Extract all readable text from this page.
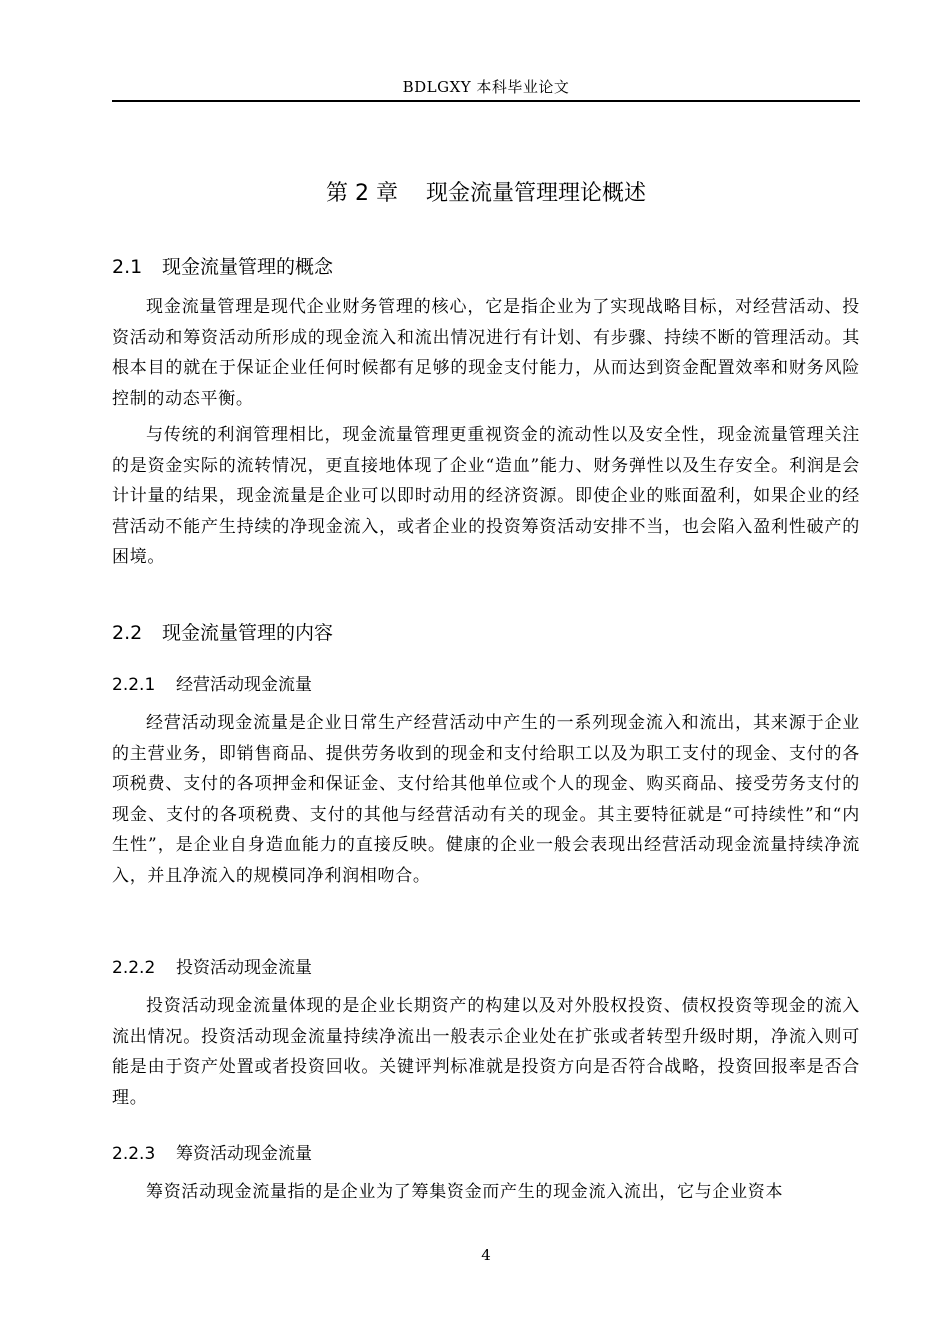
BDLGXY 本科毕业论文
第 2 章    现金流量管理理论概述
2.1 现金流量管理的概念

现金流量管理是现代企业财务管理的核心，它是指企业为了实现战略目标，对经营活动、投资活动和筹资活动所形成的现金流入和流出情况进行有计划、有步骤、持续不断的管理活动。其根本目的就在于保证企业任何时候都有足够的现金支付能力，从而达到资金配置效率和财务风险控制的动态平衡。

与传统的利润管理相比，现金流量管理更重视资金的流动性以及安全性，现金流量管理关注的是资金实际的流转情况，更直接地体现了企业“造血”能力、财务弹性以及生存安全。利润是会计计量的结果，现金流量是企业可以即时动用的经济资源。即使企业的账面盈利，如果企业的经营活动不能产生持续的净现金流入，或者企业的投资筹资活动安排不当，也会陷入盈利性破产的困境。

2.2 现金流量管理的内容
2.2.1 经营活动现金流量

经营活动现金流量是企业日常生产经营活动中产生的一系列现金流入和流出，其来源于企业的主营业务，即销售商品、提供劳务收到的现金和支付给职工以及为职工支付的现金、支付的各项税费、支付的各项押金和保证金、支付给其他单位或个人的现金、购买商品、接受劳务支付的现金、支付的各项税费、支付的其他与经营活动有关的现金。其主要特征就是“可持续性”和“内生性”，是企业自身造血能力的直接反映。健康的企业一般会表现出经营活动现金流量持续净流入，并且净流入的规模同净利润相吻合。

2.2.2 投资活动现金流量

投资活动现金流量体现的是企业长期资产的构建以及对外股权投资、债权投资等现金的流入流出情况。投资活动现金流量持续净流出一般表示企业处在扩张或者转型升级时期，净流入则可能是由于资产处置或者投资回收。关键评判标准就是投资方向是否符合战略，投资回报率是否合理。

2.2.3 筹资活动现金流量

筹资活动现金流量指的是企业为了筹集资金而产生的现金流入流出，它与企业资本

4
